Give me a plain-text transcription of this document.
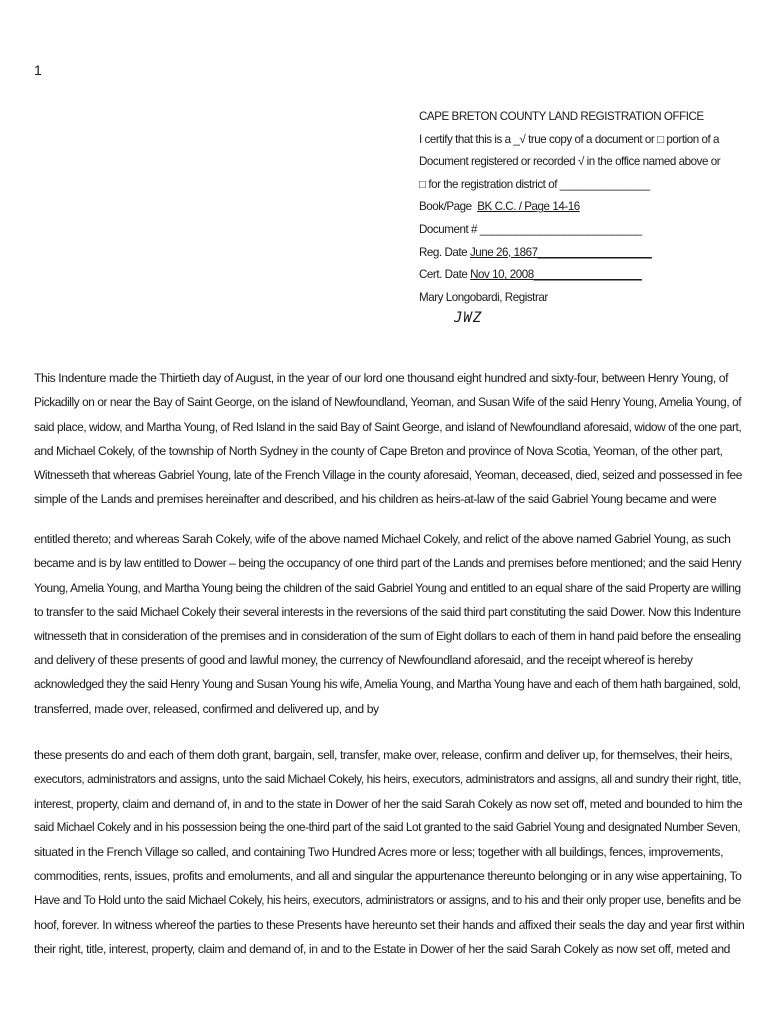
1
CAPE BRETON COUNTY LAND REGISTRATION OFFICE
I certify that this is a _√ true copy of a document or □ portion of a
Document registered or recorded √ in the office named above or
□ for the registration district of _______________
Book/Page BK C.C. / Page 14-16
Document # ___________________________
Reg. Date June 26, 1867___________________
Cert. Date Nov 10, 2008__________________
Mary Longobardi, Registrar
JWZ
This Indenture made the Thirtieth day of August, in the year of our lord one thousand eight hundred and sixty-four, between Henry Young, of
Pickadilly on or near the Bay of Saint George, on the island of Newfoundland, Yeoman, and Susan Wife of the said Henry Young, Amelia Young, of
said place, widow, and Martha Young, of Red Island in the said Bay of Saint George, and island of Newfoundland aforesaid, widow of the one part,
and Michael Cokely, of the township of North Sydney in the county of Cape Breton and province of Nova Scotia, Yeoman, of the other part,
Witnesseth that whereas Gabriel Young, late of the French Village in the county aforesaid, Yeoman, deceased, died, seized and possessed in fee
simple of the Lands and premises hereinafter and described, and his children as heirs-at-law of the said Gabriel Young became and were
entitled thereto; and whereas Sarah Cokely, wife of the above named Michael Cokely, and relict of the above named Gabriel Young, as such
became and is by law entitled to Dower – being the occupancy of one third part of the Lands and premises before mentioned; and the said Henry
Young, Amelia Young, and Martha Young being the children of the said Gabriel Young and entitled to an equal share of the said Property are willing
to transfer to the said Michael Cokely their several interests in the reversions of the said third part constituting the said Dower. Now this Indenture
witnesseth that in consideration of the premises and in consideration of the sum of Eight dollars to each of them in hand paid before the ensealing
and delivery of these presents of good and lawful money, the currency of Newfoundland aforesaid, and the receipt whereof is hereby
acknowledged they the said Henry Young and Susan Young his wife, Amelia Young, and Martha Young have and each of them hath bargained, sold,
transferred, made over, released, confirmed and delivered up, and by
these presents do and each of them doth grant, bargain, sell, transfer, make over, release, confirm and deliver up, for themselves, their heirs,
executors, administrators and assigns, unto the said Michael Cokely, his heirs, executors, administrators and assigns, all and sundry their right, title,
interest, property, claim and demand of, in and to the state in Dower of her the said Sarah Cokely as now set off, meted and bounded to him the
said Michael Cokely and in his possession being the one-third part of the said Lot granted to the said Gabriel Young and designated Number Seven,
situated in the French Village so called, and containing Two Hundred Acres more or less; together with all buildings, fences, improvements,
commodities, rents, issues, profits and emoluments, and all and singular the appurtenance thereunto belonging or in any wise appertaining, To
Have and To Hold unto the said Michael Cokely, his heirs, executors, administrators or assigns, and to his and their only proper use, benefits and be
hoof, forever. In witness whereof the parties to these Presents have hereunto set their hands and affixed their seals the day and year first within
their right, title, interest, property, claim and demand of, in and to the Estate in Dower of her the said Sarah Cokely as now set off, meted and
